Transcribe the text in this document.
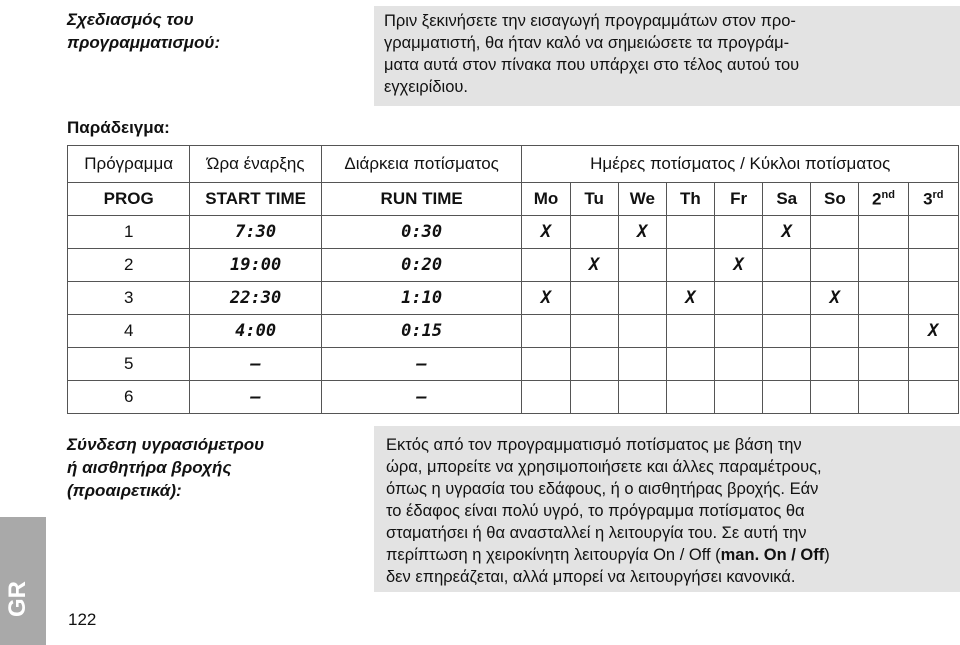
Σχεδιασμός του
προγραμματισμού:

Πριν ξεκινήσετε την εισαγωγή προγραμμάτων στον προ-

γραμματιστή, θα ήταν καλό να σημειώσετε τα προγράμ-

ματα αυτά στον πίνακα που υπάρχει στο τέλος αυτού του

εγχειρίδιου.

Παράδειγμα:
Πρόγραμμα	Ώρα έναρξης	Διάρκεια ποτίσματος	Ημέρες ποτίσματος / Κύκλοι ποτίσματος								
PROG	START TIME	RUN TIME	Mo	Tu	We	Th	Fr	Sa	So	2nd	3rd
1	7:30	0:30	X		X			X			
2	19:00	0:20		X			X				
3	22:30	1:10	X			X			X		
4	4:00	0:15									X
5	–	–									
6	–	–									
Σύνδεση υγρασιόμετρου
ή αισθητήρα βροχής
(προαιρετικά):

Εκτός από τον προγραμματισμό ποτίσματος με βάση την

ώρα, μπορείτε να χρησιμοποιήσετε και άλλες παραμέτρους,

όπως η υγρασία του εδάφους, ή ο αισθητήρας βροχής. Εάν

το έδαφος είναι πολύ υγρό, το πρόγραμμα ποτίσματος θα

σταματήσει ή θα ανασταλλεί η λειτουργία του. Σε αυτή την

περίπτωση η χειροκίνητη λειτουργία On / Off (man. On / Off)

δεν επηρεάζεται, αλλά μπορεί να λειτουργήσει κανονικά.

GR
122
